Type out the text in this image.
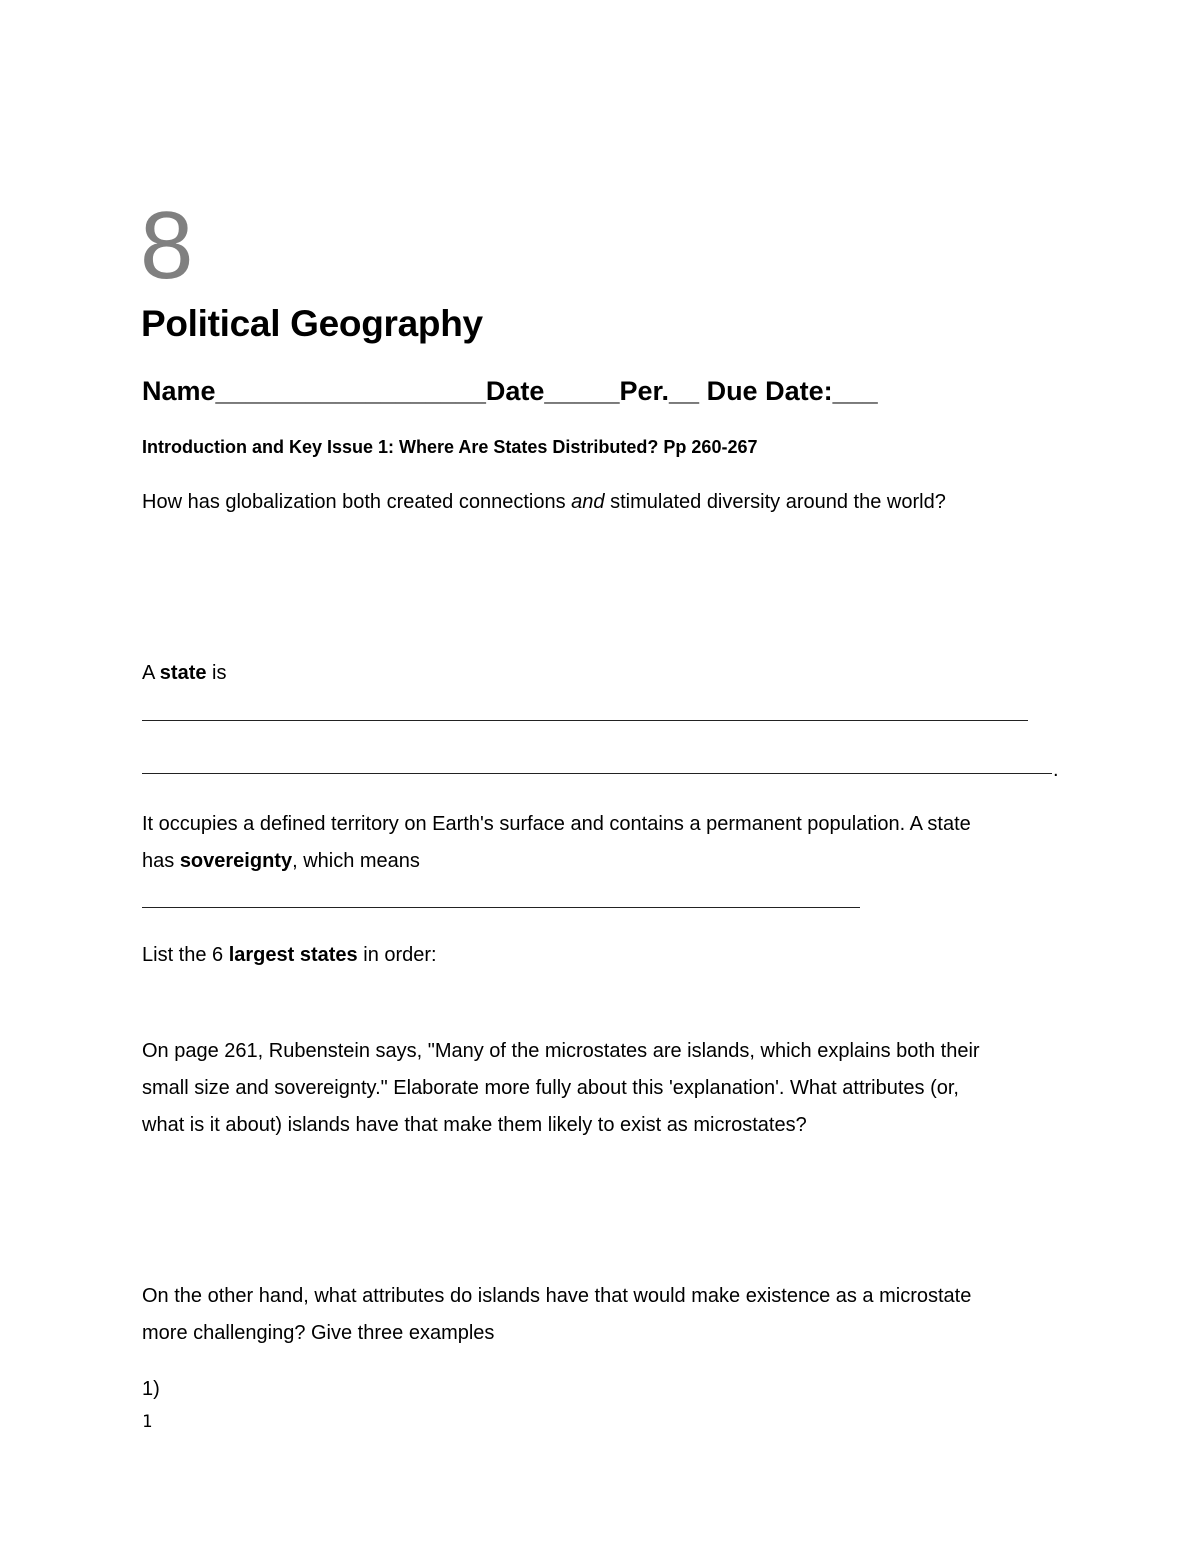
8
Political Geography
Name__________________Date_____Per.__ Due Date:___
Introduction and Key Issue 1: Where Are States Distributed? Pp 260-267

How has globalization both created connections and stimulated diversity around the world?

A state is

.

It occupies a defined territory on Earth's surface and contains a permanent population. A state

has sovereignty, which means

List the 6 largest states in order:

On page 261, Rubenstein says, "Many of the microstates are islands, which explains both their

small size and sovereignty." Elaborate more fully about this 'explanation'. What attributes (or,

what is it about) islands have that make them likely to exist as microstates?

On the other hand, what attributes do islands have that would make existence as a microstate

more challenging? Give three examples

1)

1
